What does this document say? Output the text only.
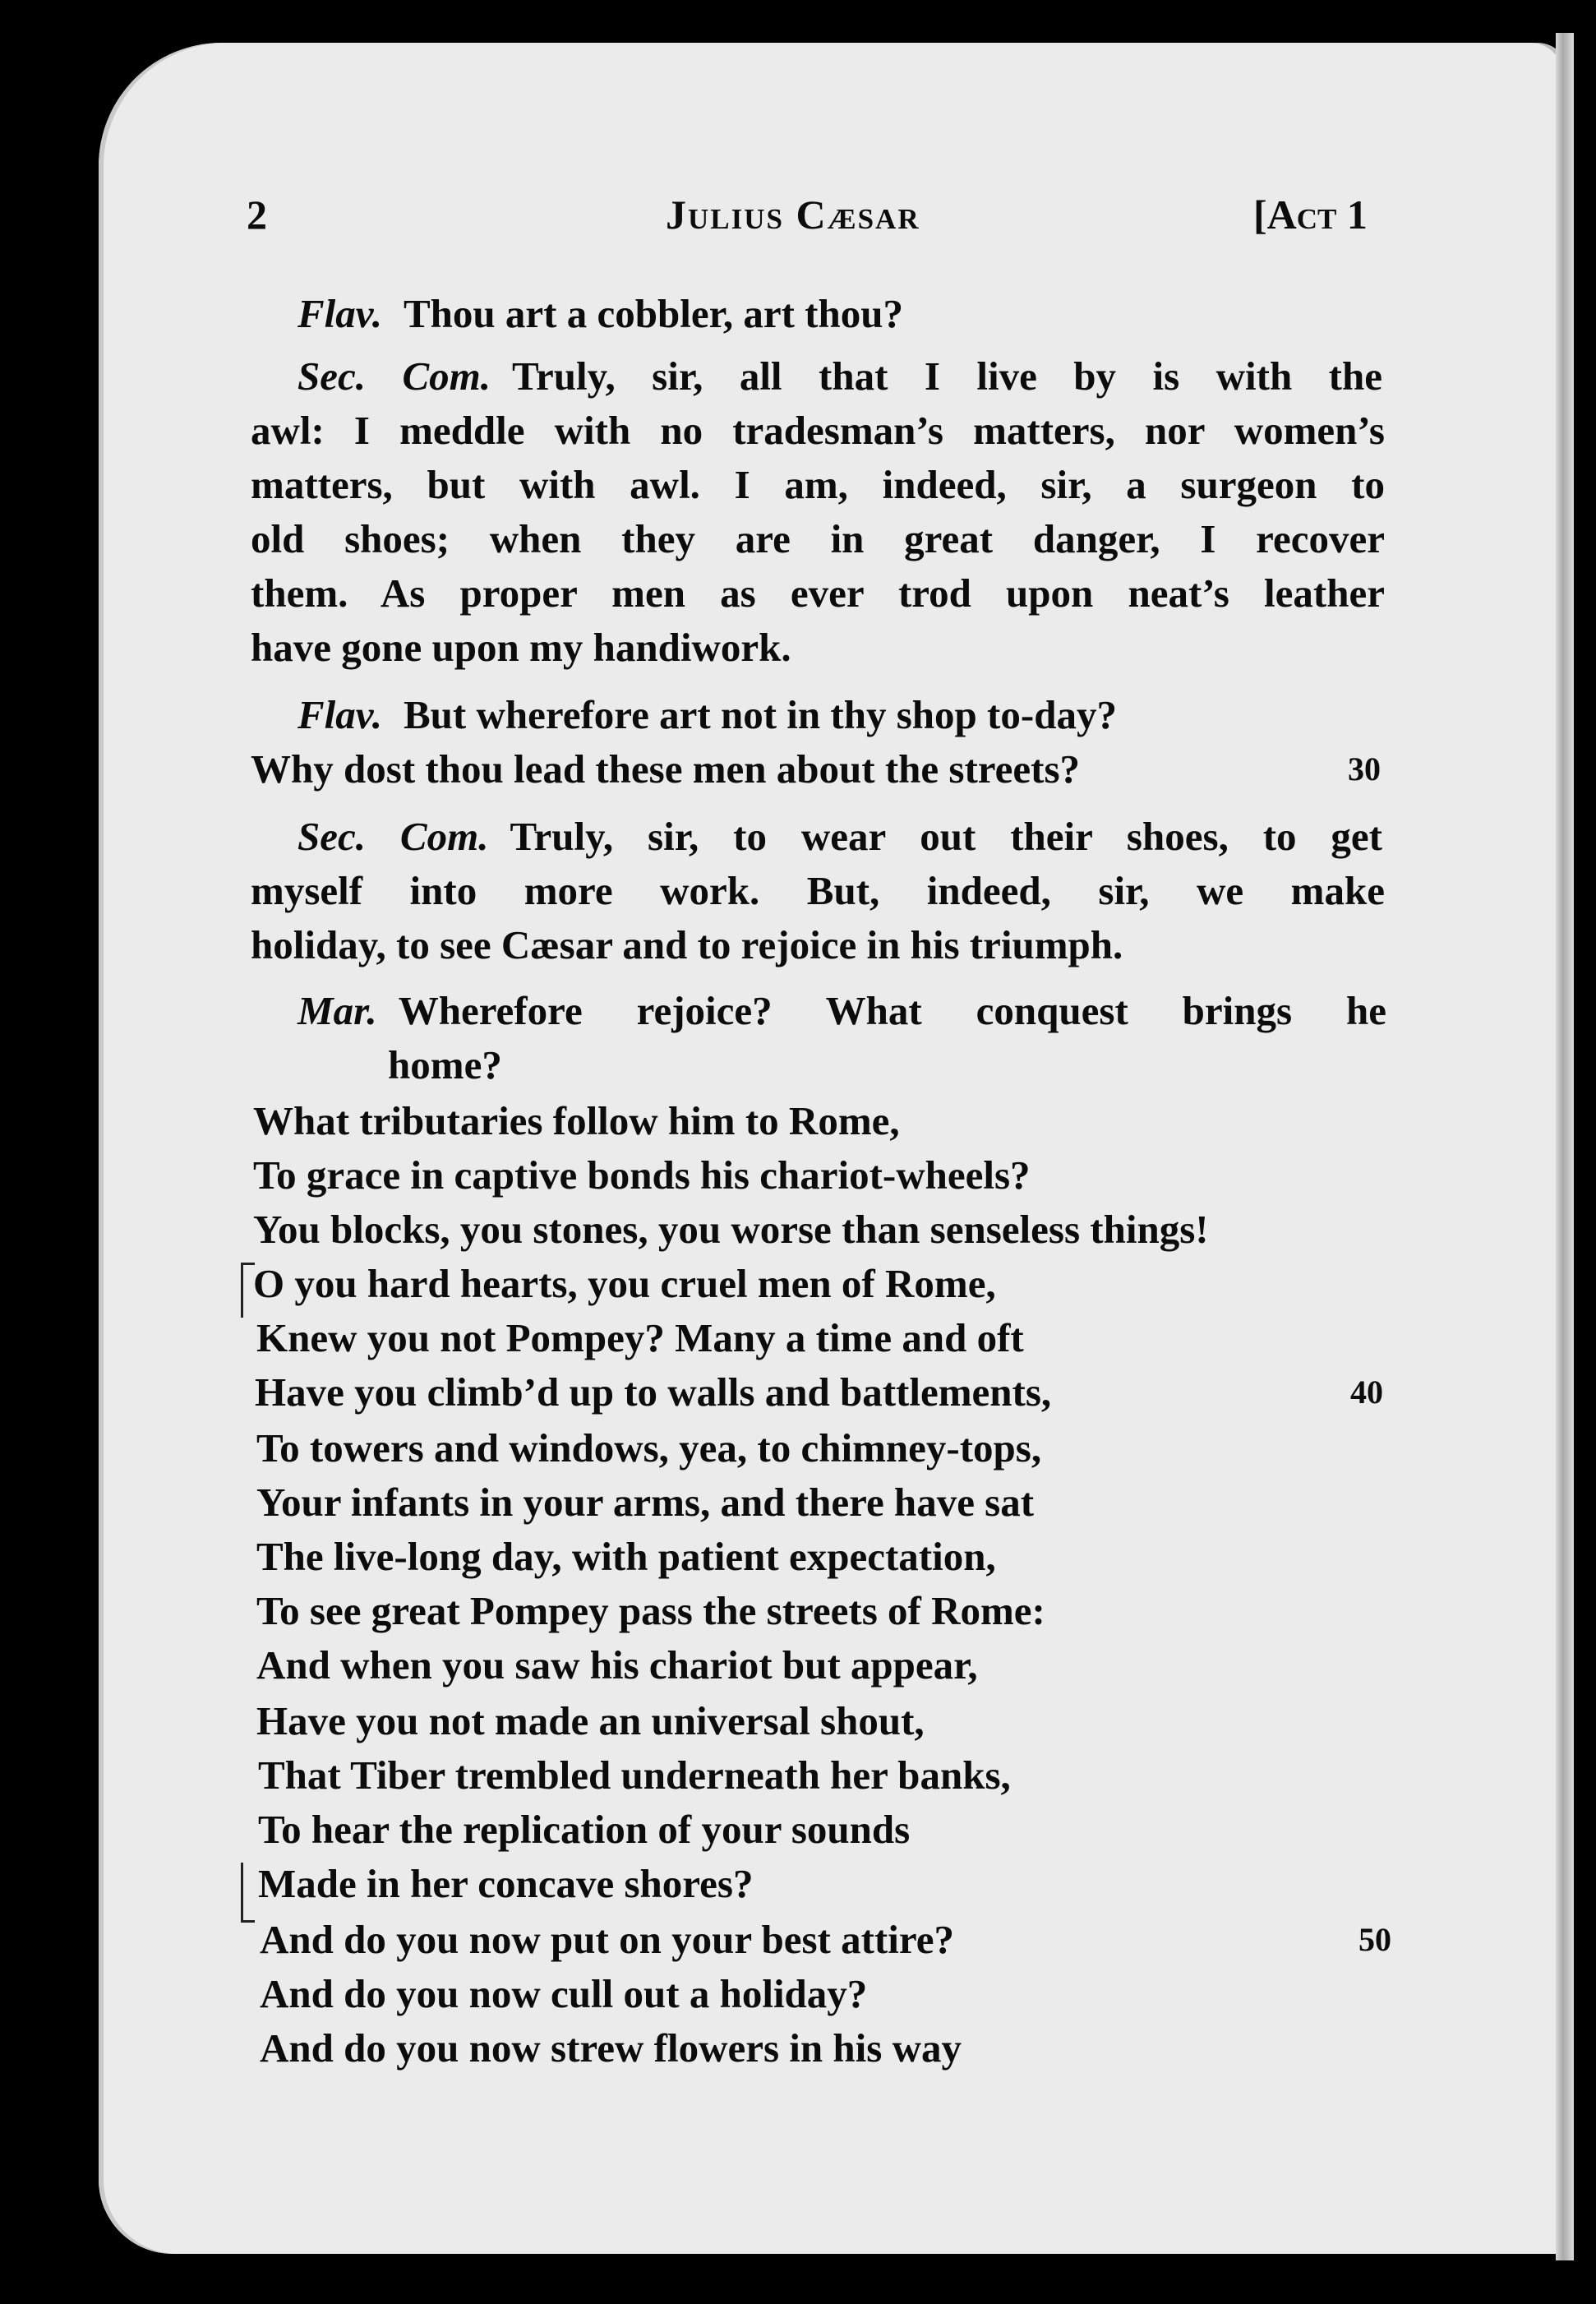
2	Julius Cæsar	[Act 1
Flav. Thou art a cobbler, art thou?
Sec. Com. Truly, sir, all that I live by is with the
awl: I meddle with no tradesman’s matters, nor women’s
matters, but with awl. I am, indeed, sir, a surgeon to
old shoes; when they are in great danger, I recover
them. As proper men as ever trod upon neat’s leather
have gone upon my handiwork.
Flav. But wherefore art not in thy shop to-day?
Why dost thou lead these men about the streets?
Sec. Com. Truly, sir, to wear out their shoes, to get
myself into more work. But, indeed, sir, we make
holiday, to see Cæsar and to rejoice in his triumph.
Mar. Wherefore rejoice? What conquest brings he
home?
What tributaries follow him to Rome,
To grace in captive bonds his chariot-wheels?
You blocks, you stones, you worse than senseless things!
O you hard hearts, you cruel men of Rome,
Knew you not Pompey? Many a time and oft
Have you climb’d up to walls and battlements,
To towers and windows, yea, to chimney-tops,
Your infants in your arms, and there have sat
The live-long day, with patient expectation,
To see great Pompey pass the streets of Rome:
And when you saw his chariot but appear,
Have you not made an universal shout,
That Tiber trembled underneath her banks,
To hear the replication of your sounds
Made in her concave shores?
And do you now put on your best attire?
And do you now cull out a holiday?
And do you now strew flowers in his way
30
40
50
